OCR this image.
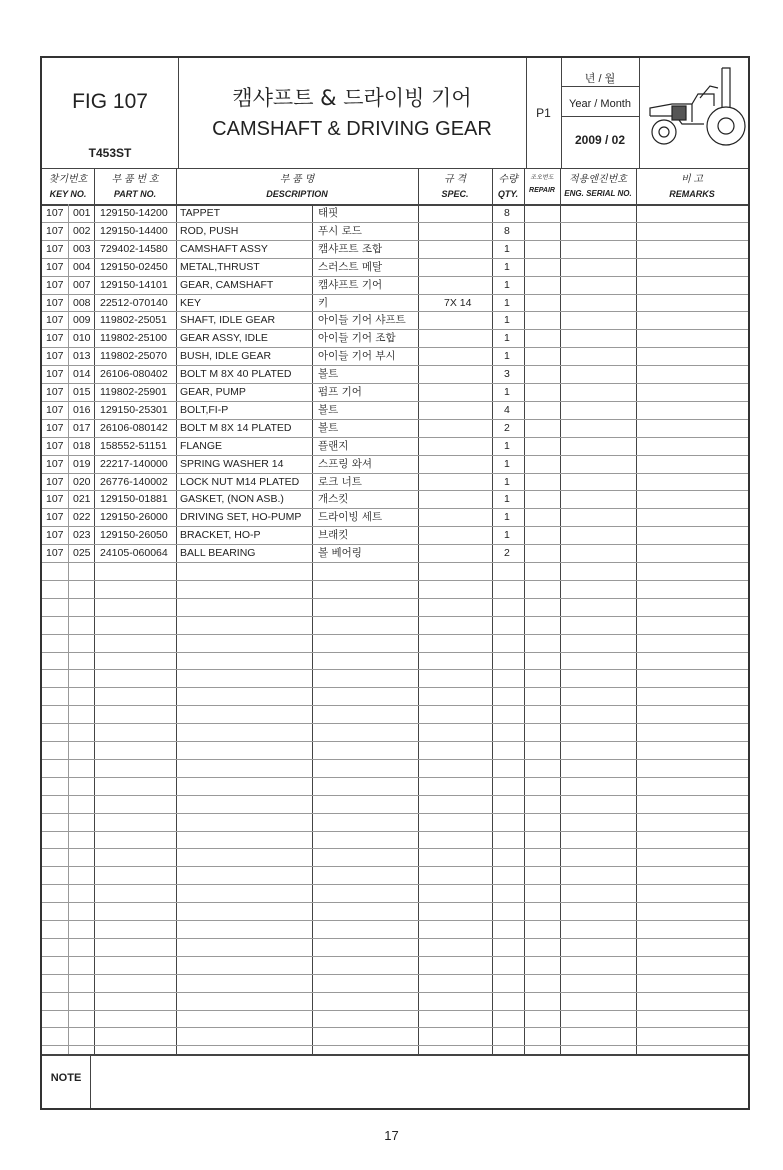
FIG 107
T453ST
캠샤프트 & 드라이빙 기어
CAMSHAFT & DRIVING GEAR
P1
년 / 월
Year / Month
2009 / 02
찾기번호
KEY NO.
부 품 번 호
PART NO.
부 품 명
DESCRIPTION
규 격
SPEC.
수량
QTY.
조오번도
REPAIR
적용엔진번호
ENG. SERIAL NO.
비 고
REMARKS
107 001 129150-14200 TAPPET	태핏	8
107 002 129150-14400 ROD, PUSH	푸시 로드	8
107 003 729402-14580 CAMSHAFT ASSY	캠샤프트 조합	1
107 004 129150-02450 METAL,THRUST	스러스트 메탈	1
107 007 129150-14101 GEAR, CAMSHAFT	캠샤프트 기어	1
107 008 22512-070140 KEY	키	7X 14	1
107 009 119802-25051 SHAFT, IDLE GEAR	아이들 기어 샤프트	1
107 010 119802-25100 GEAR ASSY, IDLE	아이들 기어 조합	1
107 013 119802-25070 BUSH, IDLE GEAR	아이들 기어 부시	1
107 014 26106-080402 BOLT M 8X 40 PLATED	볼트	3
107 015 119802-25901 GEAR, PUMP	펌프 기어	1
107 016 129150-25301 BOLT,FI-P	볼트	4
107 017 26106-080142 BOLT M 8X 14 PLATED	볼트	2
107 018 158552-51151 FLANGE	플랜지	1
107 019 22217-140000 SPRING WASHER 14	스프링 와셔	1
107 020 26776-140002 LOCK NUT M14 PLATED 로크 너트	1
107 021 129150-01881 GASKET, (NON ASB.)	개스킷	1
107 022 129150-26000 DRIVING SET, HO-PUMP 드라이빙 세트	1
107 023 129150-26050 BRACKET, HO-P	브래킷	1
107 025 24105-060064 BALL BEARING	볼 베어링	2
NOTE
17
